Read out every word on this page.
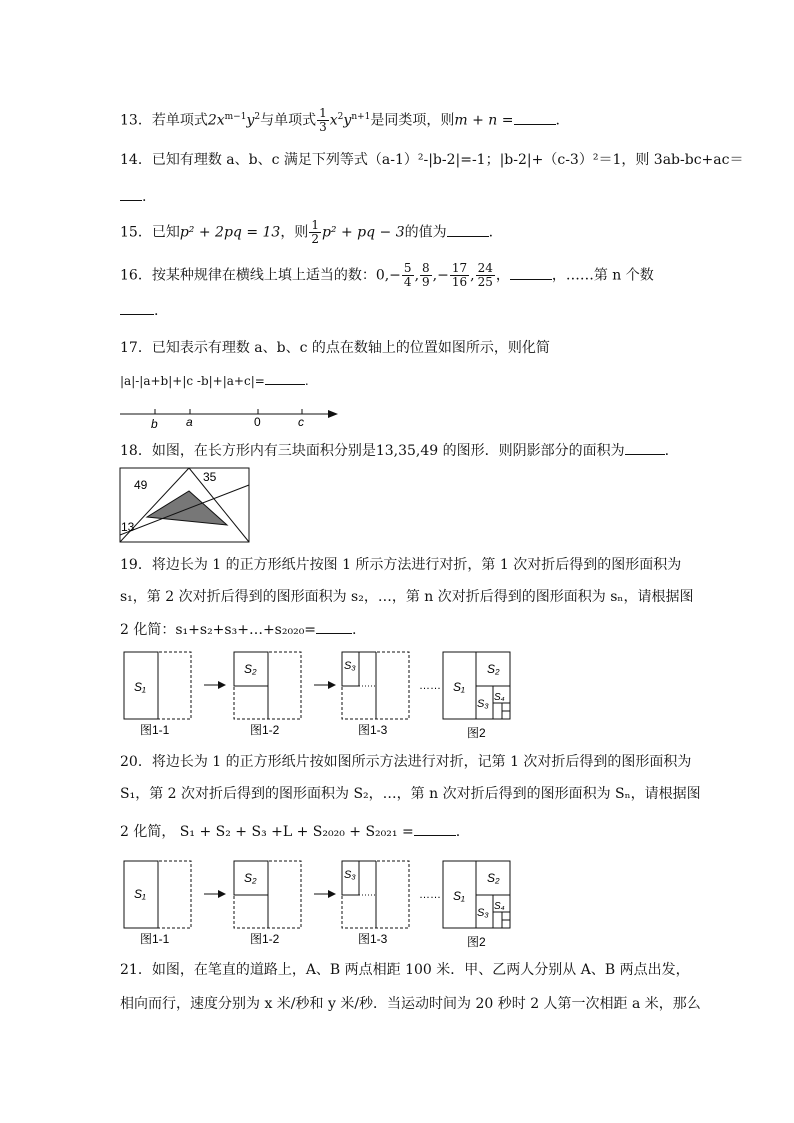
13．若单项式$2x^{m-1}y^2$与单项式 $\frac{1}{3} x^2y^{n+1}$是同类项，则m + n =	.
14．已知有理数 a、b、c 满足下列等式（a-1）²-|b-2|=-1；|b-2|+（c-3）²＝1，则 3ab-bc+ac＝
.
15．已知p² + 2pq = 13，则 $\frac{1}{2} p^2$ + pq − 3的值为	.
16．按某种规律在横线上填上适当的数：$0,- \frac{5}{4}$ , $\frac{8}{9}$ ,− $\frac{17}{16}$ , $\frac{24}{25}$ ，	，……第 n 个数
.
17．已知表示有理数 a、b、c 的点在数轴上的位置如图所示，则化简
|a|-|a+b|+|c -b|+|a+c|=	.
b a	0	c
18．如图，在长方形内有三块面积分别是13,35,49 的图形．则阴影部分的面积为	.
49
35
13
19．将边长为 1 的正方形纸片按图 1 所示方法进行对折，第 1 次对折后得到的图形面积为
s₁，第 2 次对折后得到的图形面积为 s₂，…，第 n 次对折后得到的图形面积为 sₙ，请根据图
2 化简：s₁+s₂+s₃+…+s₂₀₂₀=	.
S₁
图1-1
S₂
图1-2
S₃
图1-3
…… S₁
S₂
S₃
S₄
图2
20．将边长为 1 的正方形纸片按如图所示方法进行对折，记第 1 次对折后得到的图形面积为
S₁，第 2 次对折后得到的图形面积为 S₂，…，第 n 次对折后得到的图形面积为 Sₙ，请根据图
2 化简， S₁ + S₂ + S₃ +L + S₂₀₂₀ + S₂₀₂₁ =	.
S₁
图1-1
S₂
图1-2
S₃
图1-3
…… S₁
S₂
S₃
S₄
图2
21．如图，在笔直的道路上，A、B 两点相距 100 米．甲、乙两人分别从 A、B 两点出发，
相向而行，速度分别为 x 米/秒和 y 米/秒．当运动时间为 20 秒时 2 人第一次相距 a 米，那么
